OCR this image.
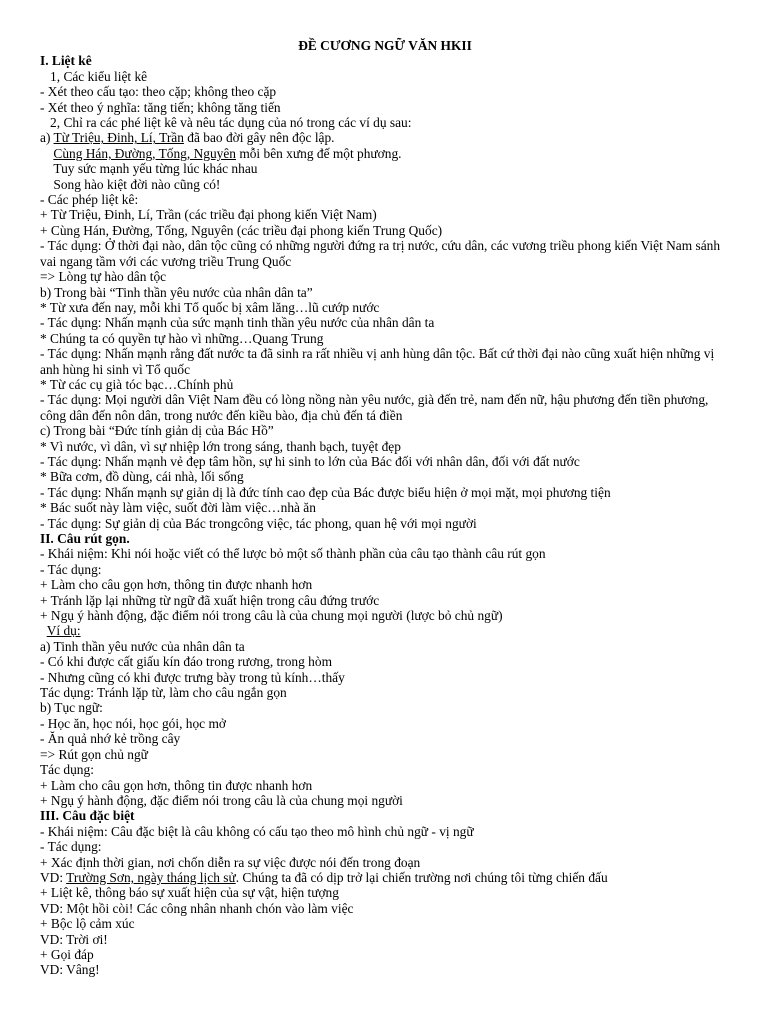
ĐỀ CƯƠNG NGỮ VĂN HKII
I. Liệt kê
1, Các kiểu liệt kê
- Xét theo cấu tạo: theo cặp; không theo cặp
- Xét theo ý nghĩa: tăng tiến; không tăng tiến
2, Chỉ ra các phé liệt kê và nêu tác dụng của nó trong các ví dụ sau:
a) Từ Triệu, Đinh, Lí, Trần đã bao đời gây nên độc lập.
Cùng Hán, Đường, Tống, Nguyên mỗi bên xưng đế một phương.
Tuy sức mạnh yếu từng lúc khác nhau
Song hào kiệt đời nào cũng có!
- Các phép liệt kê:
+ Từ Triệu, Đinh, Lí, Trần (các triều đại phong kiến Việt Nam)
+ Cùng Hán, Đường, Tống, Nguyên (các triều đại phong kiến Trung Quốc)
- Tác dụng: Ở thời đại nào, dân tộc cũng có những người đứng ra trị nước, cứu dân, các vương triều phong kiến Việt Nam sánh vai ngang tầm với các vương triều Trung Quốc
=> Lòng tự hào dân tộc
b) Trong bài “Tinh thần yêu nước của nhân dân ta”
* Từ xưa đến nay, mỗi khi Tổ quốc bị xâm lăng…lũ cướp nước
- Tác dụng: Nhấn mạnh của sức mạnh tinh thần yêu nước của nhân dân ta
* Chúng ta có quyền tự hào vì những…Quang Trung
- Tác dụng: Nhấn mạnh rằng đất nước ta đã sinh ra rất nhiều vị anh hùng dân tộc. Bất cứ thời đại nào cũng xuất hiện những vị anh hùng hi sinh vì Tổ quốc
* Từ các cụ già tóc bạc…Chính phủ
- Tác dụng: Mọi người dân Việt Nam đều có lòng nồng nàn yêu nước, già đến trẻ, nam đến nữ, hậu phương đến tiền phương, công dân đến nôn dân, trong nước đến kiều bào, địa chủ đến tá điền
c) Trong bài “Đức tính giản dị của Bác Hồ”
* Vì nước, vì dân, vì sự nhiệp lớn trong sáng, thanh bạch, tuyệt đẹp
- Tác dụng: Nhấn mạnh vẻ đẹp tâm hồn, sự hi sinh to lớn của Bác đối với nhân dân, đối với đất nước
* Bữa cơm, đồ dùng, cái nhà, lối sống
- Tác dụng: Nhấn mạnh sự giản dị là đức tính cao đẹp của Bác được biểu hiện ở mọi mặt, mọi phương tiện
* Bác suốt này làm việc, suốt đời làm việc…nhà ăn
- Tác dụng: Sự giản dị của Bác trongcông việc, tác phong, quan hệ với mọi người
II. Câu rút gọn.
- Khái niệm: Khi nói hoặc viết có thể lược bỏ một số thành phần của câu tạo thành câu rút gọn
- Tác dụng:
+ Làm cho câu gọn hơn, thông tin được nhanh hơn
+ Tránh lặp lại những từ ngữ đã xuất hiện trong câu đứng trước
+ Ngụ ý hành động, đặc điểm nói trong câu là của chung mọi người (lược bỏ chủ ngữ)
Ví dụ:
a) Tinh thần yêu nước của nhân dân ta
- Có khi được cất giấu kín đáo trong rương, trong hòm
- Nhưng cũng có khi được trưng bày trong tủ kính…thấy
Tác dụng: Tránh lặp từ, làm cho câu ngắn gọn
b) Tục ngữ:
- Học ăn, học nói, học gói, học mở
- Ăn quả nhớ kẻ trồng cây
=> Rút gọn chủ ngữ
Tác dụng:
+ Làm cho câu gọn hơn, thông tin được nhanh hơn
+ Ngụ ý hành động, đặc điểm nói trong câu là của chung mọi người
III. Câu đặc biệt
- Khái niệm: Câu đặc biệt là câu không có cấu tạo theo mô hình chủ ngữ - vị ngữ
- Tác dụng:
+ Xác định thời gian, nơi chốn diễn ra sự việc được nói đến trong đoạn
VD: Trường Sơn, ngày tháng lịch sử. Chúng ta đã có dịp trở lại chiến trường nơi chúng tôi từng chiến đấu
+ Liệt kê, thông báo sự xuất hiện của sự vật, hiện tượng
VD: Một hồi còi! Các công nhân nhanh chón vào làm việc
+ Bộc lộ cảm xúc
VD: Trời ơi!
+ Gọi đáp
VD: Vâng!
